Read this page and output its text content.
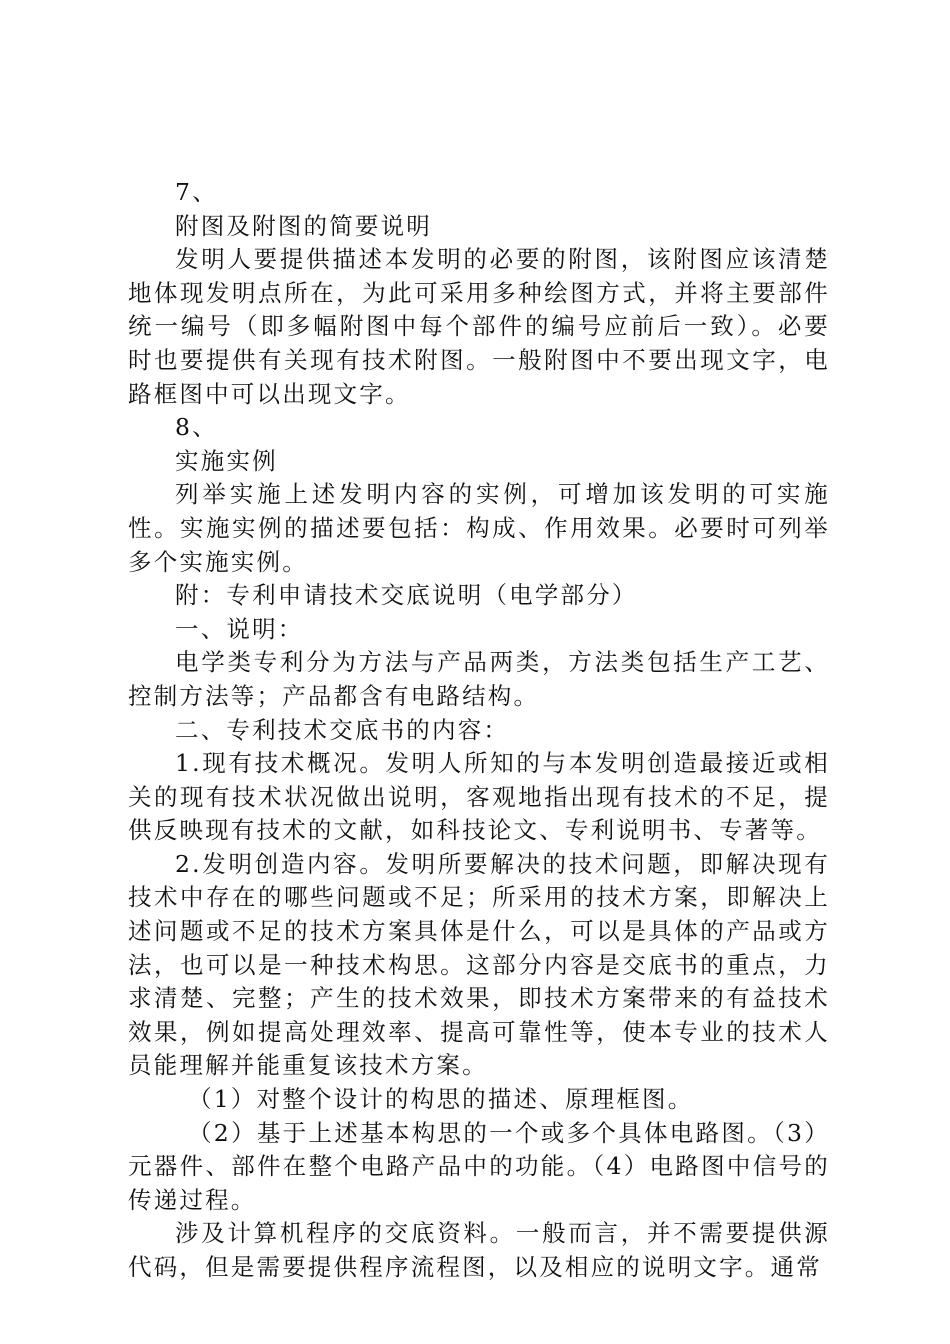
7、

附图及附图的简要说明

发明人要提供描述本发明的必要的附图，该附图应该清楚地体现发明点所在，为此可采用多种绘图方式，并将主要部件统一编号（即多幅附图中每个部件的编号应前后一致）。必要时也要提供有关现有技术附图。一般附图中不要出现文字，电路框图中可以出现文字。

8、

实施实例

列举实施上述发明内容的实例，可增加该发明的可实施性。实施实例的描述要包括：构成、作用效果。必要时可列举多个实施实例。

附：专利申请技术交底说明（电学部分）

一、说明：

电学类专利分为方法与产品两类，方法类包括生产工艺、控制方法等；产品都含有电路结构。

二、专利技术交底书的内容：

1.现有技术概况。发明人所知的与本发明创造最接近或相关的现有技术状况做出说明，客观地指出现有技术的不足，提供反映现有技术的文献，如科技论文、专利说明书、专著等。

2.发明创造内容。发明所要解决的技术问题，即解决现有技术中存在的哪些问题或不足；所采用的技术方案，即解决上述问题或不足的技术方案具体是什么，可以是具体的产品或方法，也可以是一种技术构思。这部分内容是交底书的重点，力求清楚、完整；产生的技术效果，即技术方案带来的有益技术效果，例如提高处理效率、提高可靠性等，使本专业的技术人员能理解并能重复该技术方案。

（1）对整个设计的构思的描述、原理框图。

（2）基于上述基本构思的一个或多个具体电路图。（3）元器件、部件在整个电路产品中的功能。（4）电路图中信号的传递过程。

涉及计算机程序的交底资料。一般而言，并不需要提供源代码，但是需要提供程序流程图，以及相应的说明文字。通常
